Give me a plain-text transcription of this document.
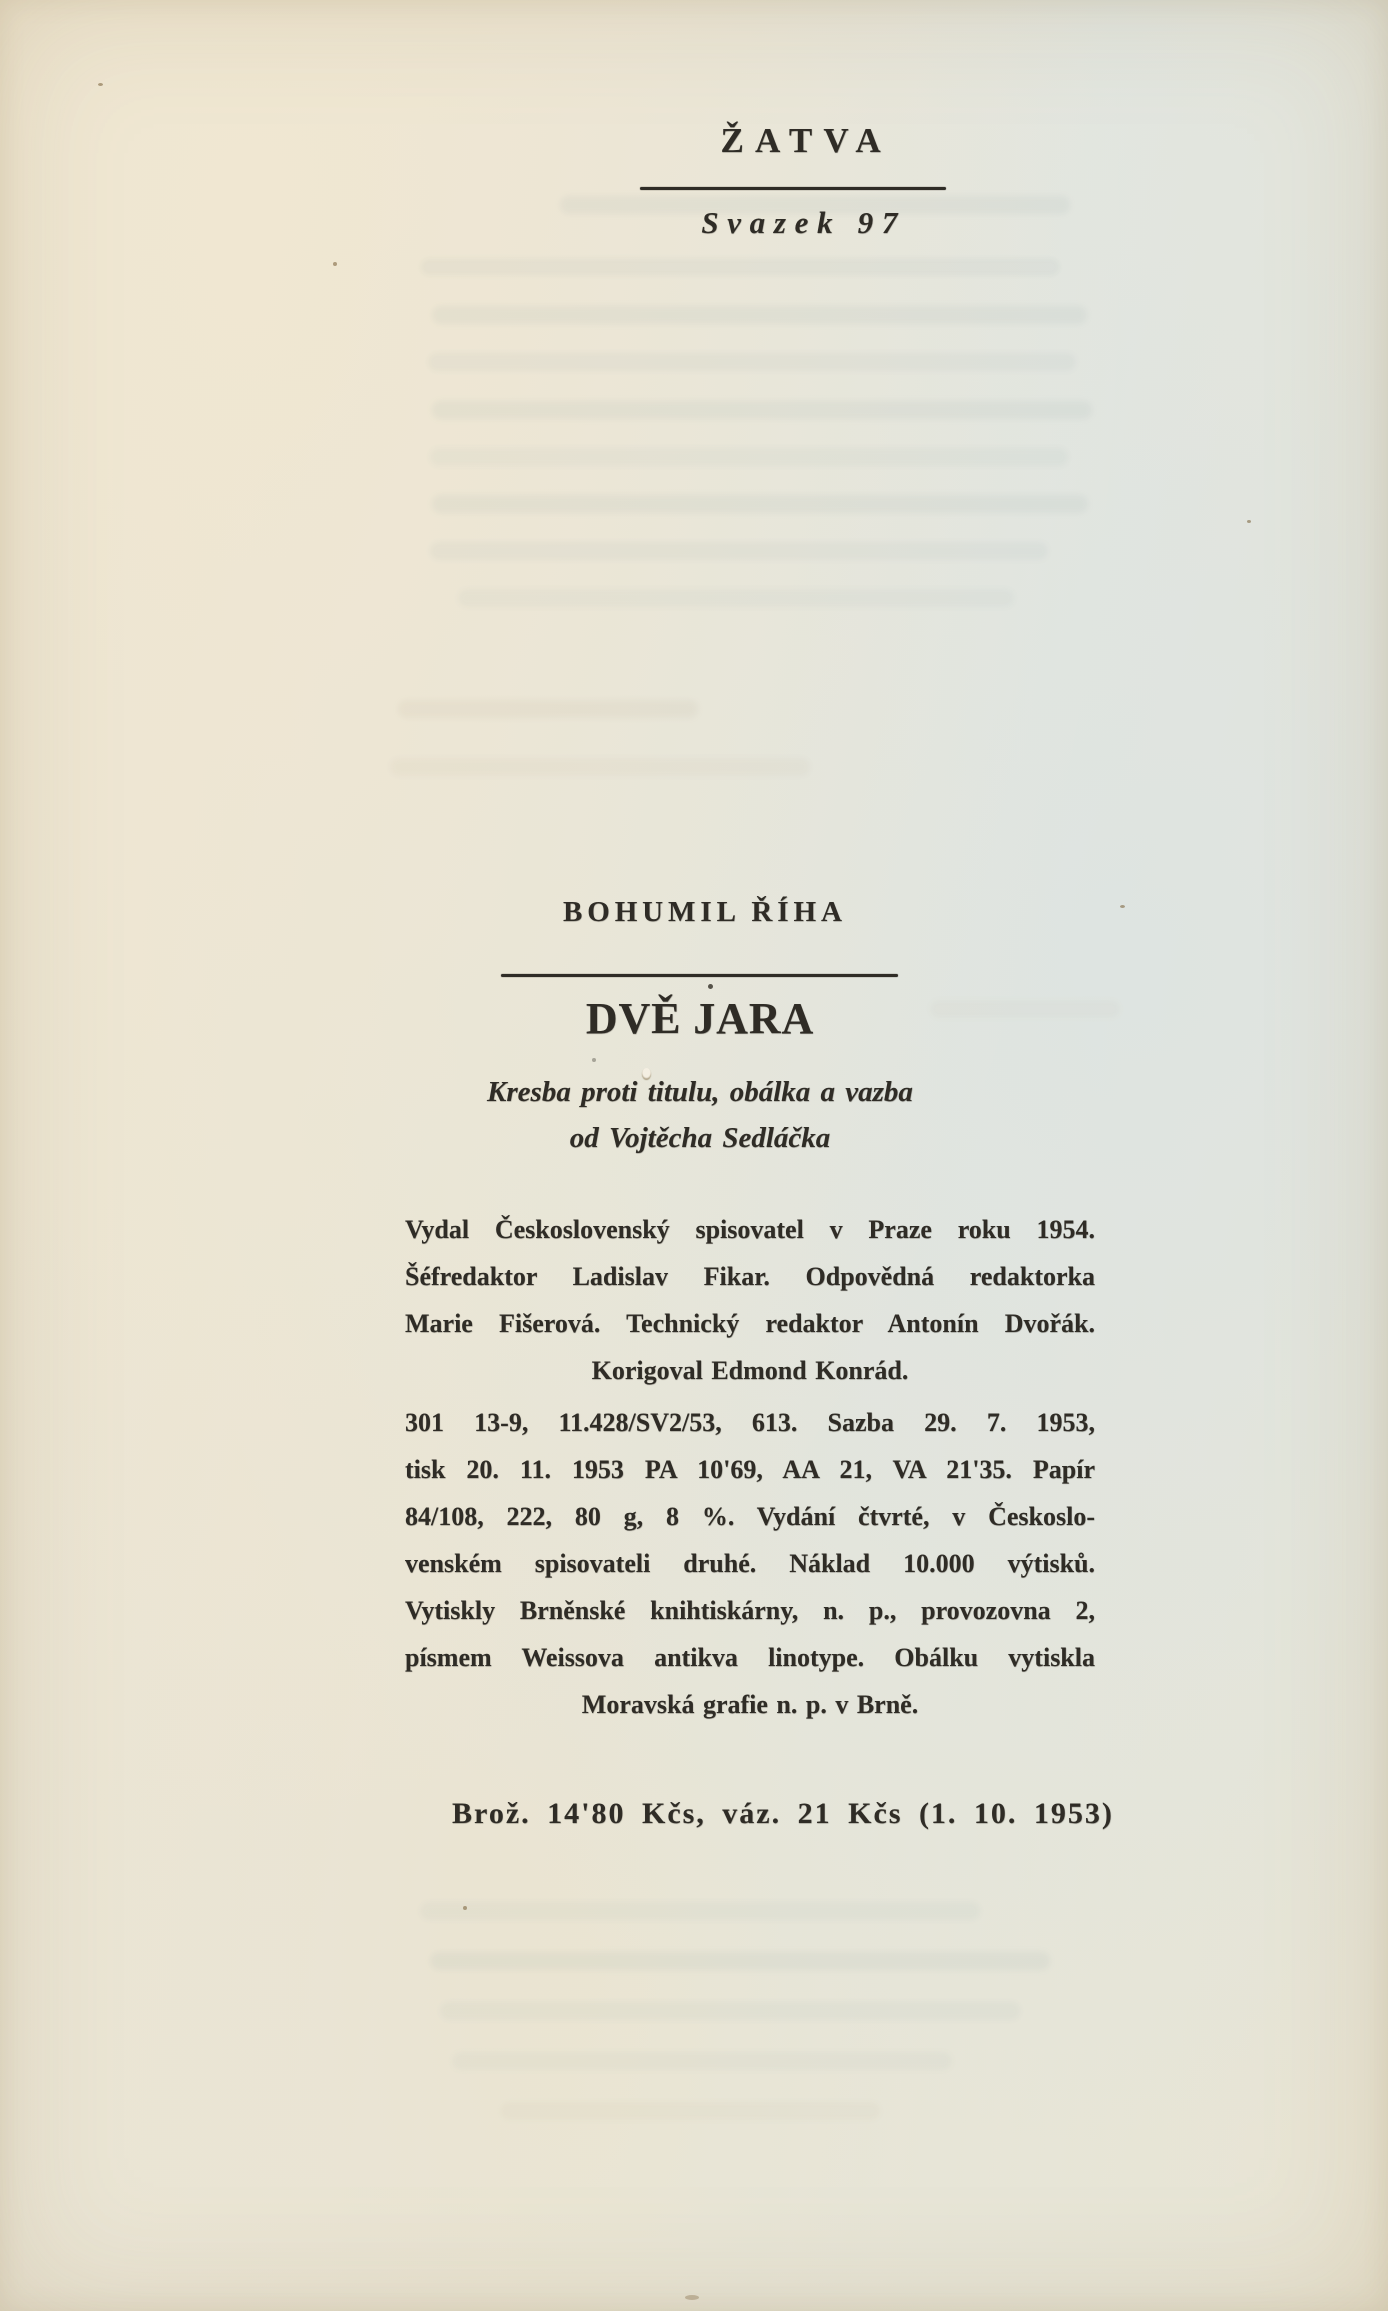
ŽATVA
Svazek 97
BOHUMIL ŘÍHA
DVĚ JARA
Kresba proti titulu, obálka a vazba
od Vojtěcha Sedláčka
Vydal Československý spisovatel v Praze roku 1954.
Šéfredaktor Ladislav Fikar. Odpovědná redaktorka
Marie Fišerová. Technický redaktor Antonín Dvořák.
Korigoval Edmond Konrád.
301 13-9, 11.428/SV2/53, 613. Sazba 29. 7. 1953,
tisk 20. 11. 1953 PA 10'69, AA 21, VA 21'35. Papír
84/108, 222, 80 g, 8 %. Vydání čtvrté, v Českoslo-
venském spisovateli druhé. Náklad 10.000 výtisků.
Vytiskly Brněnské knihtiskárny, n. p., provozovna 2,
písmem Weissova antikva linotype. Obálku vytiskla
Moravská grafie n. p. v Brně.
Brož. 14'80 Kčs, váz. 21 Kčs (1. 10. 1953)
